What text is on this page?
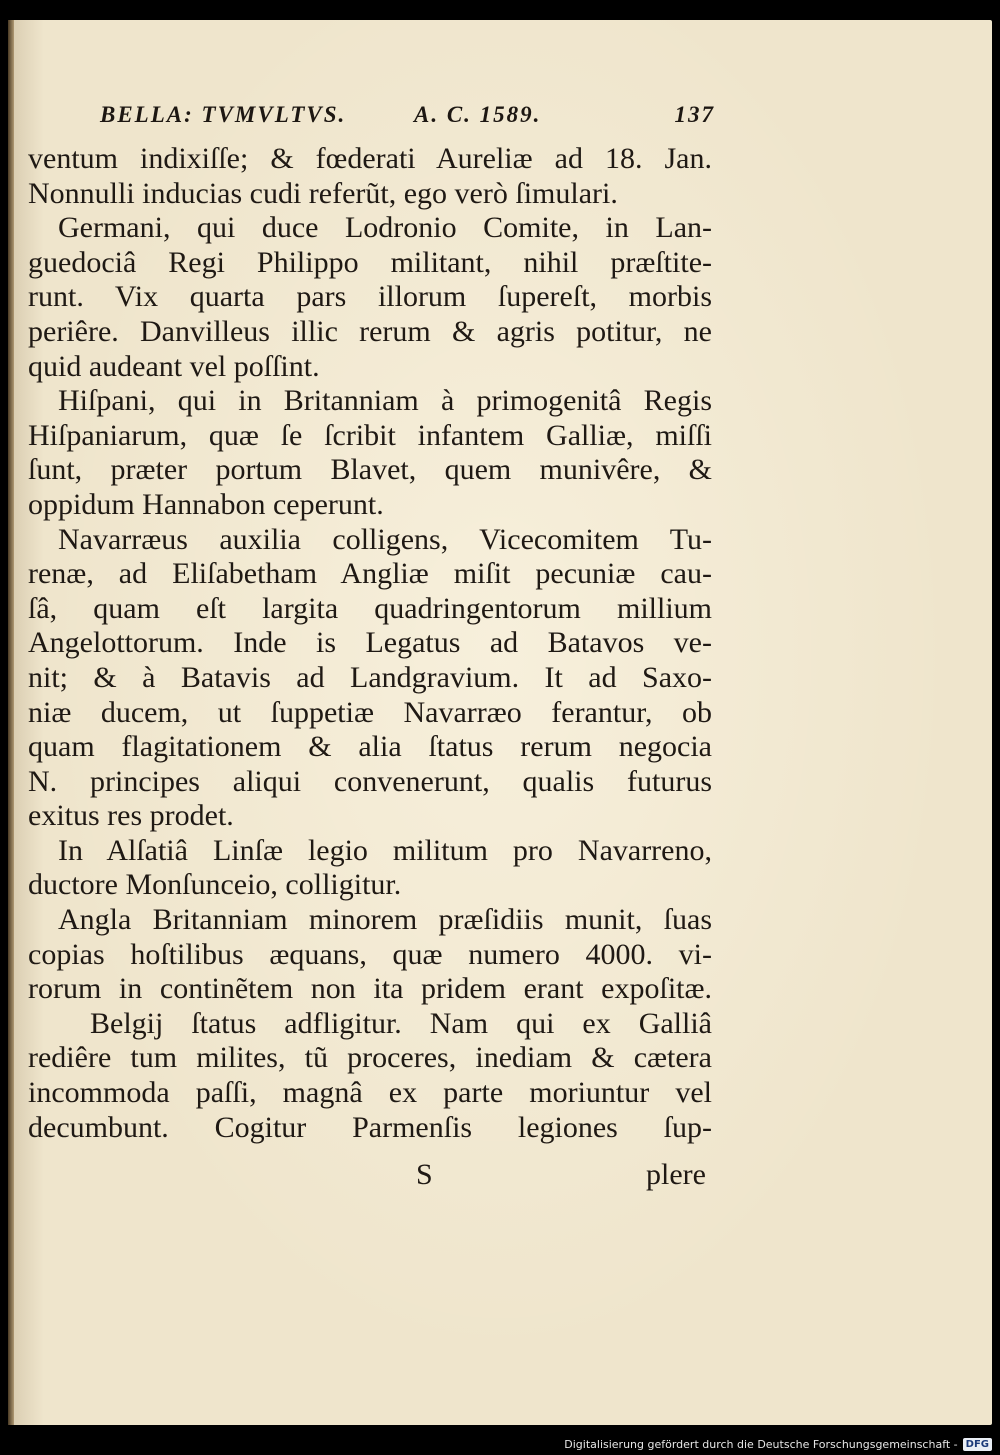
BELLA: TVMVLTVS.	A. C. 1589.	137
ventum indixiſſe; & fœderati Aureliæ ad 18. Jan.
Nonnulli inducias cudi referũt, ego verò ſimulari.
Germani, qui duce Lodronio Comite, in Lan-
guedociâ Regi Philippo militant, nihil præſtite-
runt. Vix quarta pars illorum ſupereſt, morbis
periêre. Danvilleus illic rerum & agris potitur, ne
quid audeant vel poſſint.
Hiſpani, qui in Britanniam à primogenitâ Regis
Hiſpaniarum, quæ ſe ſcribit infantem Galliæ, miſſi
ſunt, præter portum Blavet, quem munivêre, &
oppidum Hannabon ceperunt.
Navarræus auxilia colligens, Vicecomitem Tu-
renæ, ad Eliſabetham Angliæ miſit pecuniæ cau-
ſâ, quam eſt largita quadringentorum millium
Angelottorum. Inde is Legatus ad Batavos ve-
nit; & à Batavis ad Landgravium. It ad Saxo-
niæ ducem, ut ſuppetiæ Navarræo ferantur, ob
quam flagitationem & alia ſtatus rerum negocia
N. principes aliqui convenerunt, qualis futurus
exitus res prodet.
In Alſatiâ Linſæ legio militum pro Navarreno,
ductore Monſunceio, colligitur.
Angla Britanniam minorem præſidiis munit, ſuas
copias hoſtilibus æquans, quæ numero 4000. vi-
rorum in continẽtem non ita pridem erant expoſitæ.
Belgij ſtatus adfligitur. Nam qui ex Galliâ
rediêre tum milites, tũ proceres, inediam & cætera
incommoda paſſi, magnâ ex parte moriuntur vel
decumbunt. Cogitur Parmenſis legiones ſup-
S	plere
Digitalisierung gefördert durch die Deutsche Forschungsgemeinschaft - DFG
